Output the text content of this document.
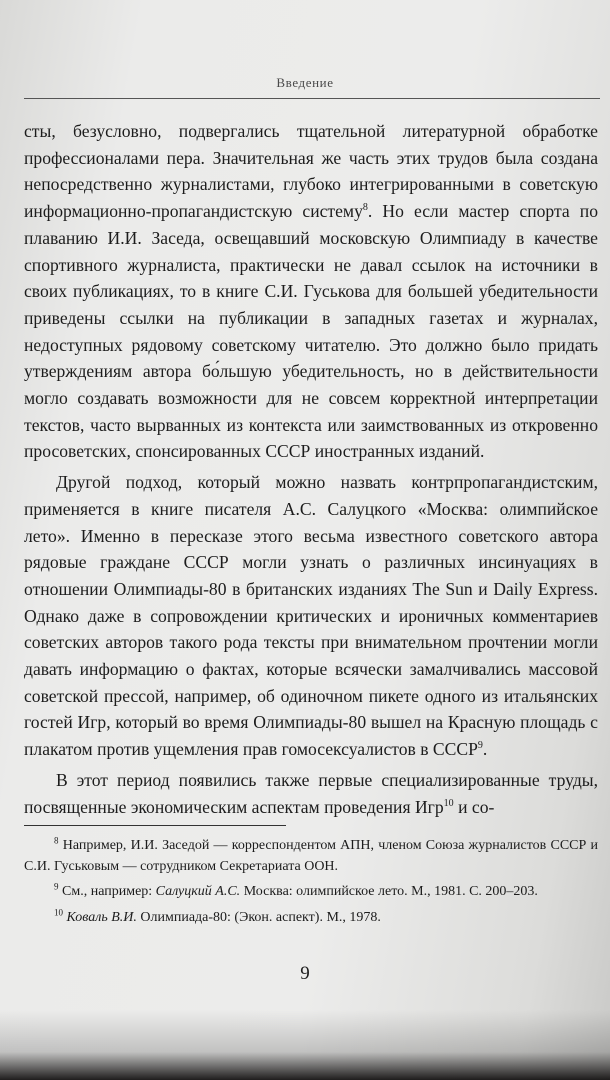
Введение

сты, безусловно, подвергались тщательной литературной обработке профессионалами пера. Значительная же часть этих трудов была создана непосредственно журналистами, глубоко интегрированными в советскую информационно-пропагандистскую систему$^8$. Но если мастер спорта по плаванию И.И. Заседа, освещавший московскую Олимпиаду в качестве спортивного журналиста, практически не давал ссылок на источники в своих публикациях, то в книге С.И. Гуськова для большей убедительности приведены ссылки на публикации в западных газетах и журналах, недоступных рядовому советскому читателю. Это должно было придать утверждениям автора бо́льшую убедительность, но в действительности могло создавать возможности для не совсем корректной интерпретации текстов, часто вырванных из контекста или заимствованных из откровенно просоветских, спонсированных СССР иностранных изданий.

Другой подход, который можно назвать контрпропагандистским, применяется в книге писателя А.С. Салуцкого «Москва: олимпийское лето». Именно в пересказе этого весьма известного советского автора рядовые граждане СССР могли узнать о различных инсинуациях в отношении Олимпиады-80 в британских изданиях The Sun и Daily Express. Однако даже в сопровождении критических и ироничных комментариев советских авторов такого рода тексты при внимательном прочтении могли давать информацию о фактах, которые всячески замалчивались массовой советской прессой, например, об одиночном пикете одного из итальянских гостей Игр, который во время Олимпиады-80 вышел на Красную площадь с плакатом против ущемления прав гомосексуалистов в СССР$^9$.

В этот период появились также первые специализированные труды, посвященные экономическим аспектам проведения Игр$^{10}$ и со-

$^8$ Например, И.И. Заседой — корреспондентом АПН, членом Союза журналистов СССР и С.И. Гуськовым — сотрудником Секретариата ООН.

$^9$ См., например: Салуцкий А.С. Москва: олимпийское лето. М., 1981. С. 200–203.

$^{10}$ Коваль В.И. Олимпиада-80: (Экон. аспект). М., 1978.

9
